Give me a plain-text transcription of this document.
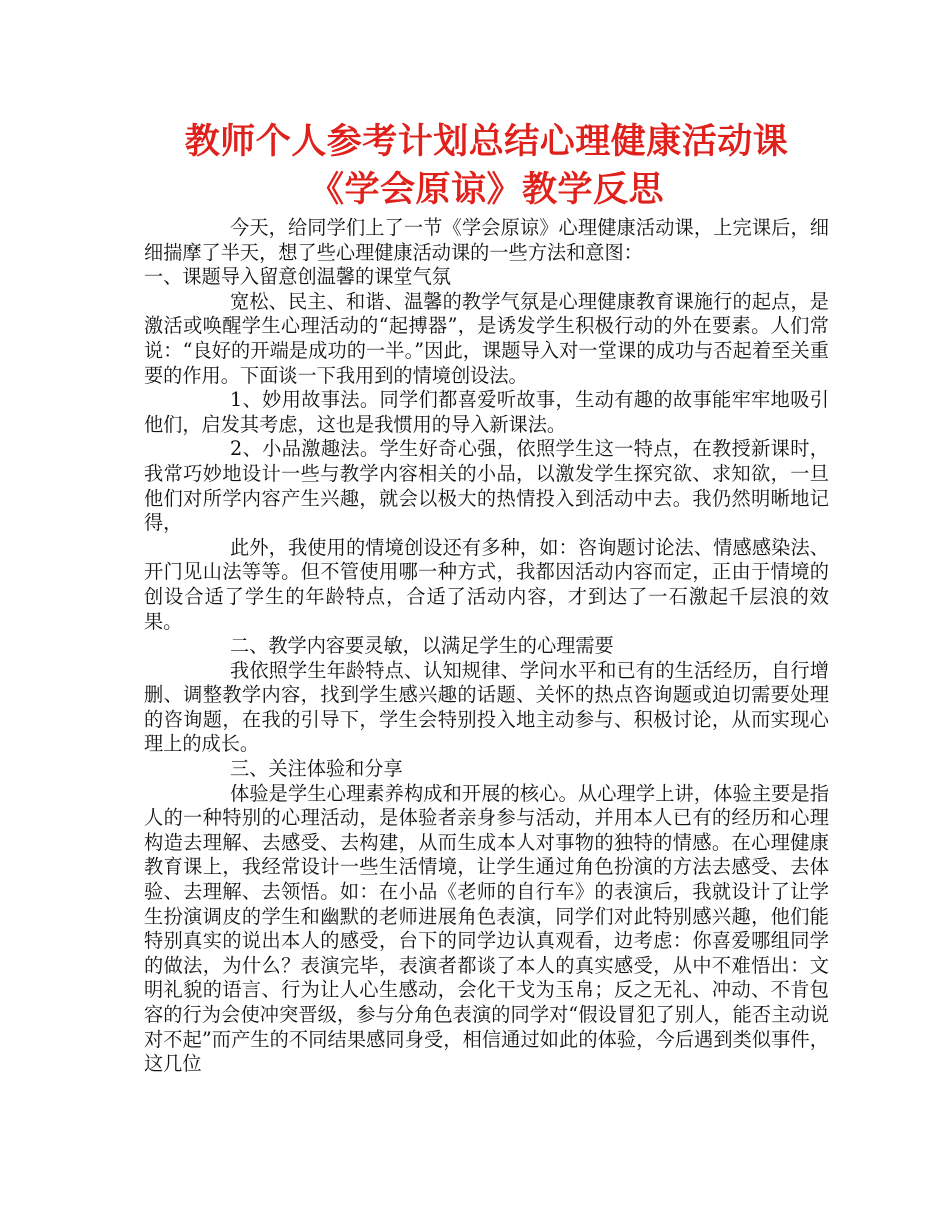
教师个人参考计划总结心理健康活动课
《学会原谅》教学反思

今天，给同学们上了一节《学会原谅》心理健康活动课，上完课后，细细揣摩了半天，想了些心理健康活动课的一些方法和意图：

一、课题导入留意创温馨的课堂气氛

宽松、民主、和谐、温馨的教学气氛是心理健康教育课施行的起点，是激活或唤醒学生心理活动的“起搏器”，是诱发学生积极行动的外在要素。人们常说：“良好的开端是成功的一半。”因此，课题导入对一堂课的成功与否起着至关重要的作用。下面谈一下我用到的情境创设法。

1、妙用故事法。同学们都喜爱听故事，生动有趣的故事能牢牢地吸引他们，启发其考虑，这也是我惯用的导入新课法。

2、小品激趣法。学生好奇心强，依照学生这一特点，在教授新课时，我常巧妙地设计一些与教学内容相关的小品，以激发学生探究欲、求知欲，一旦他们对所学内容产生兴趣，就会以极大的热情投入到活动中去。我仍然明晰地记得，

此外，我使用的情境创设还有多种，如：咨询题讨论法、情感感染法、开门见山法等等。但不管使用哪一种方式，我都因活动内容而定，正由于情境的创设合适了学生的年龄特点，合适了活动内容，才到达了一石激起千层浪的效果。

二、教学内容要灵敏，以满足学生的心理需要

我依照学生年龄特点、认知规律、学问水平和已有的生活经历，自行增删、调整教学内容，找到学生感兴趣的话题、关怀的热点咨询题或迫切需要处理的咨询题，在我的引导下，学生会特别投入地主动参与、积极讨论，从而实现心理上的成长。

三、关注体验和分享

体验是学生心理素养构成和开展的核心。从心理学上讲，体验主要是指人的一种特别的心理活动，是体验者亲身参与活动，并用本人已有的经历和心理构造去理解、去感受、去构建，从而生成本人对事物的独特的情感。在心理健康教育课上，我经常设计一些生活情境，让学生通过角色扮演的方法去感受、去体验、去理解、去领悟。如：在小品《老师的自行车》的表演后，我就设计了让学生扮演调皮的学生和幽默的老师进展角色表演，同学们对此特别感兴趣，他们能特别真实的说出本人的感受，台下的同学边认真观看，边考虑：你喜爱哪组同学的做法，为什么？表演完毕，表演者都谈了本人的真实感受，从中不难悟出：文明礼貌的语言、行为让人心生感动，会化干戈为玉帛；反之无礼、冲动、不肯包容的行为会使冲突晋级，参与分角色表演的同学对“假设冒犯了别人，能否主动说对不起”而产生的不同结果感同身受，相信通过如此的体验，今后遇到类似事件，这几位
